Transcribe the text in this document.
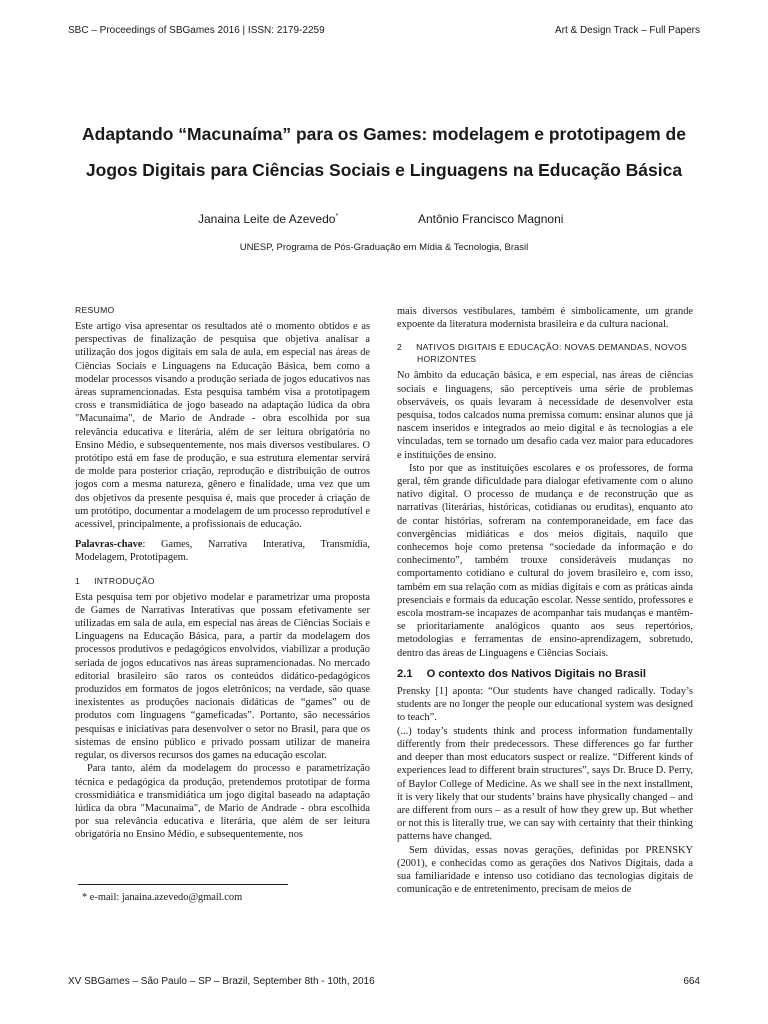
SBC – Proceedings of SBGames 2016 | ISSN: 2179-2259	Art & Design Track – Full Papers
Adaptando “Macunaíma” para os Games: modelagem e prototipagem de
Jogos Digitais para Ciências Sociais e Linguagens na Educação Básica
Janaina Leite de Azevedo*	Antônio Francisco Magnoni
UNESP, Programa de Pós-Graduação em Mídia & Tecnologia, Brasil
RESUMO

Este artigo visa apresentar os resultados até o momento obtidos e as perspectivas de finalização de pesquisa que objetiva analisar a utilização dos jogos digitais em sala de aula, em especial nas áreas de Ciências Sociais e Linguagens na Educação Básica, bem como a modelar processos visando a produção seriada de jogos educativos nas áreas supramencionadas. Esta pesquisa também visa a prototipagem cross e transmidiática de jogo baseado na adaptação lúdica da obra "Macunaíma", de Mario de Andrade - obra escolhida por sua relevância educativa e literária, além de ser leitura obrigatória no Ensino Médio, e subsequentemente, nos mais diversos vestibulares. O protótipo está em fase de produção, e sua estrutura elementar servirá de molde para posterior criação, reprodução e distribuição de outros jogos com a mesma natureza, gênero e finalidade, uma vez que um dos objetivos da presente pesquisa é, mais que proceder à criação de um protótipo, documentar a modelagem de um processo reprodutível e acessível, principalmente, a profissionais de educação.

Palavras-chave: Games, Narrativa Interativa, Transmídia, Modelagem, Prototipagem.

1 INTRODUÇÃO

Esta pesquisa tem por objetivo modelar e parametrizar uma proposta de Games de Narrativas Interativas que possam efetivamente ser utilizadas em sala de aula, em especial nas áreas de Ciências Sociais e Linguagens na Educação Básica, para, a partir da modelagem dos processos produtivos e pedagógicos envolvidos, viabilizar a produção seriada de jogos educativos nas áreas supramencionadas. No mercado editorial brasileiro são raros os conteúdos didático-pedagógicos produzidos em formatos de jogos eletrônicos; na verdade, são quase inexistentes as produções nacionais didáticas de “games” ou de produtos com linguagens “gameficadas”. Portanto, são necessários pesquisas e iniciativas para desenvolver o setor no Brasil, para que os sistemas de ensino público e privado possam utilizar de maneira regular, os diversos recursos dos games na educação escolar.

Para tanto, além da modelagem do processo e parametrização técnica e pedagógica da produção, pretendemos prototipar de forma crossmidiática e transmidiática um jogo digital baseado na adaptação lúdica da obra "Macunaíma", de Mario de Andrade - obra escolhida por sua relevância educativa e literária, que além de ser leitura obrigatória no Ensino Médio, e subsequentemente, nos

mais diversos vestibulares, também é simbolicamente, um grande expoente da literatura modernista brasileira e da cultura nacional.

2 NATIVOS DIGITAIS E EDUCAÇÃO: NOVAS DEMANDAS, NOVOS
HORIZONTES

No âmbito da educação básica, e em especial, nas áreas de ciências sociais e linguagens, são perceptíveis uma série de problemas observáveis, os quais levaram à necessidade de desenvolver esta pesquisa, todos calcados numa premissa comum: ensinar alunos que já nascem inseridos e integrados ao meio digital e às tecnologias a ele vinculadas, tem se tornado um desafio cada vez maior para educadores e instituições de ensino.

Isto por que as instituições escolares e os professores, de forma geral, têm grande dificuldade para dialogar efetivamente com o aluno nativo digital. O processo de mudança e de reconstrução que as narrativas (literárias, históricas, cotidianas ou eruditas), enquanto ato de contar histórias, sofreram na contemporaneidade, em face das convergências midiáticas e dos meios digitais, naquilo que conhecemos hoje como pretensa “sociedade da informação e do conhecimento”, também trouxe consideráveis mudanças no comportamento cotidiano e cultural do jovem brasileiro e, com isso, também em sua relação com as mídias digitais e com as práticas ainda presenciais e formais da educação escolar. Nesse sentido, professores e escola mostram-se incapazes de acompanhar tais mudanças e mantêm-se prioritariamente analógicos quanto aos seus repertórios, metodologias e ferramentas de ensino-aprendizagem, sobretudo, dentro das áreas de Linguagens e Ciências Sociais.

2.1 O contexto dos Nativos Digitais no Brasil

Prensky [1] aponta: “Our students have changed radically. Today’s students are no longer the people our educational system was designed to teach”.

(...) today’s students think and process information fundamentally differently from their predecessors. These differences go far further and deeper than most educators suspect or realize. “Different kinds of experiences lead to different brain structures”, says Dr. Bruce D. Perry, of Baylor College of Medicine. As we shall see in the next installment, it is very likely that our students’ brains have physically changed – and are different from ours – as a result of how they grew up. But whether or not this is literally true, we can say with certainty that their thinking patterns have changed.

Sem dúvidas, essas novas gerações, definidas por PRENSKY (2001), e conhecidas como as gerações dos Nativos Digitais, dada a sua familiaridade e intenso uso cotidiano das tecnologias digitais de comunicação e de entretenimento, precisam de meios de

* e-mail: janaina.azevedo@gmail.com
XV SBGames – São Paulo – SP – Brazil, September 8th - 10th, 2016	664
